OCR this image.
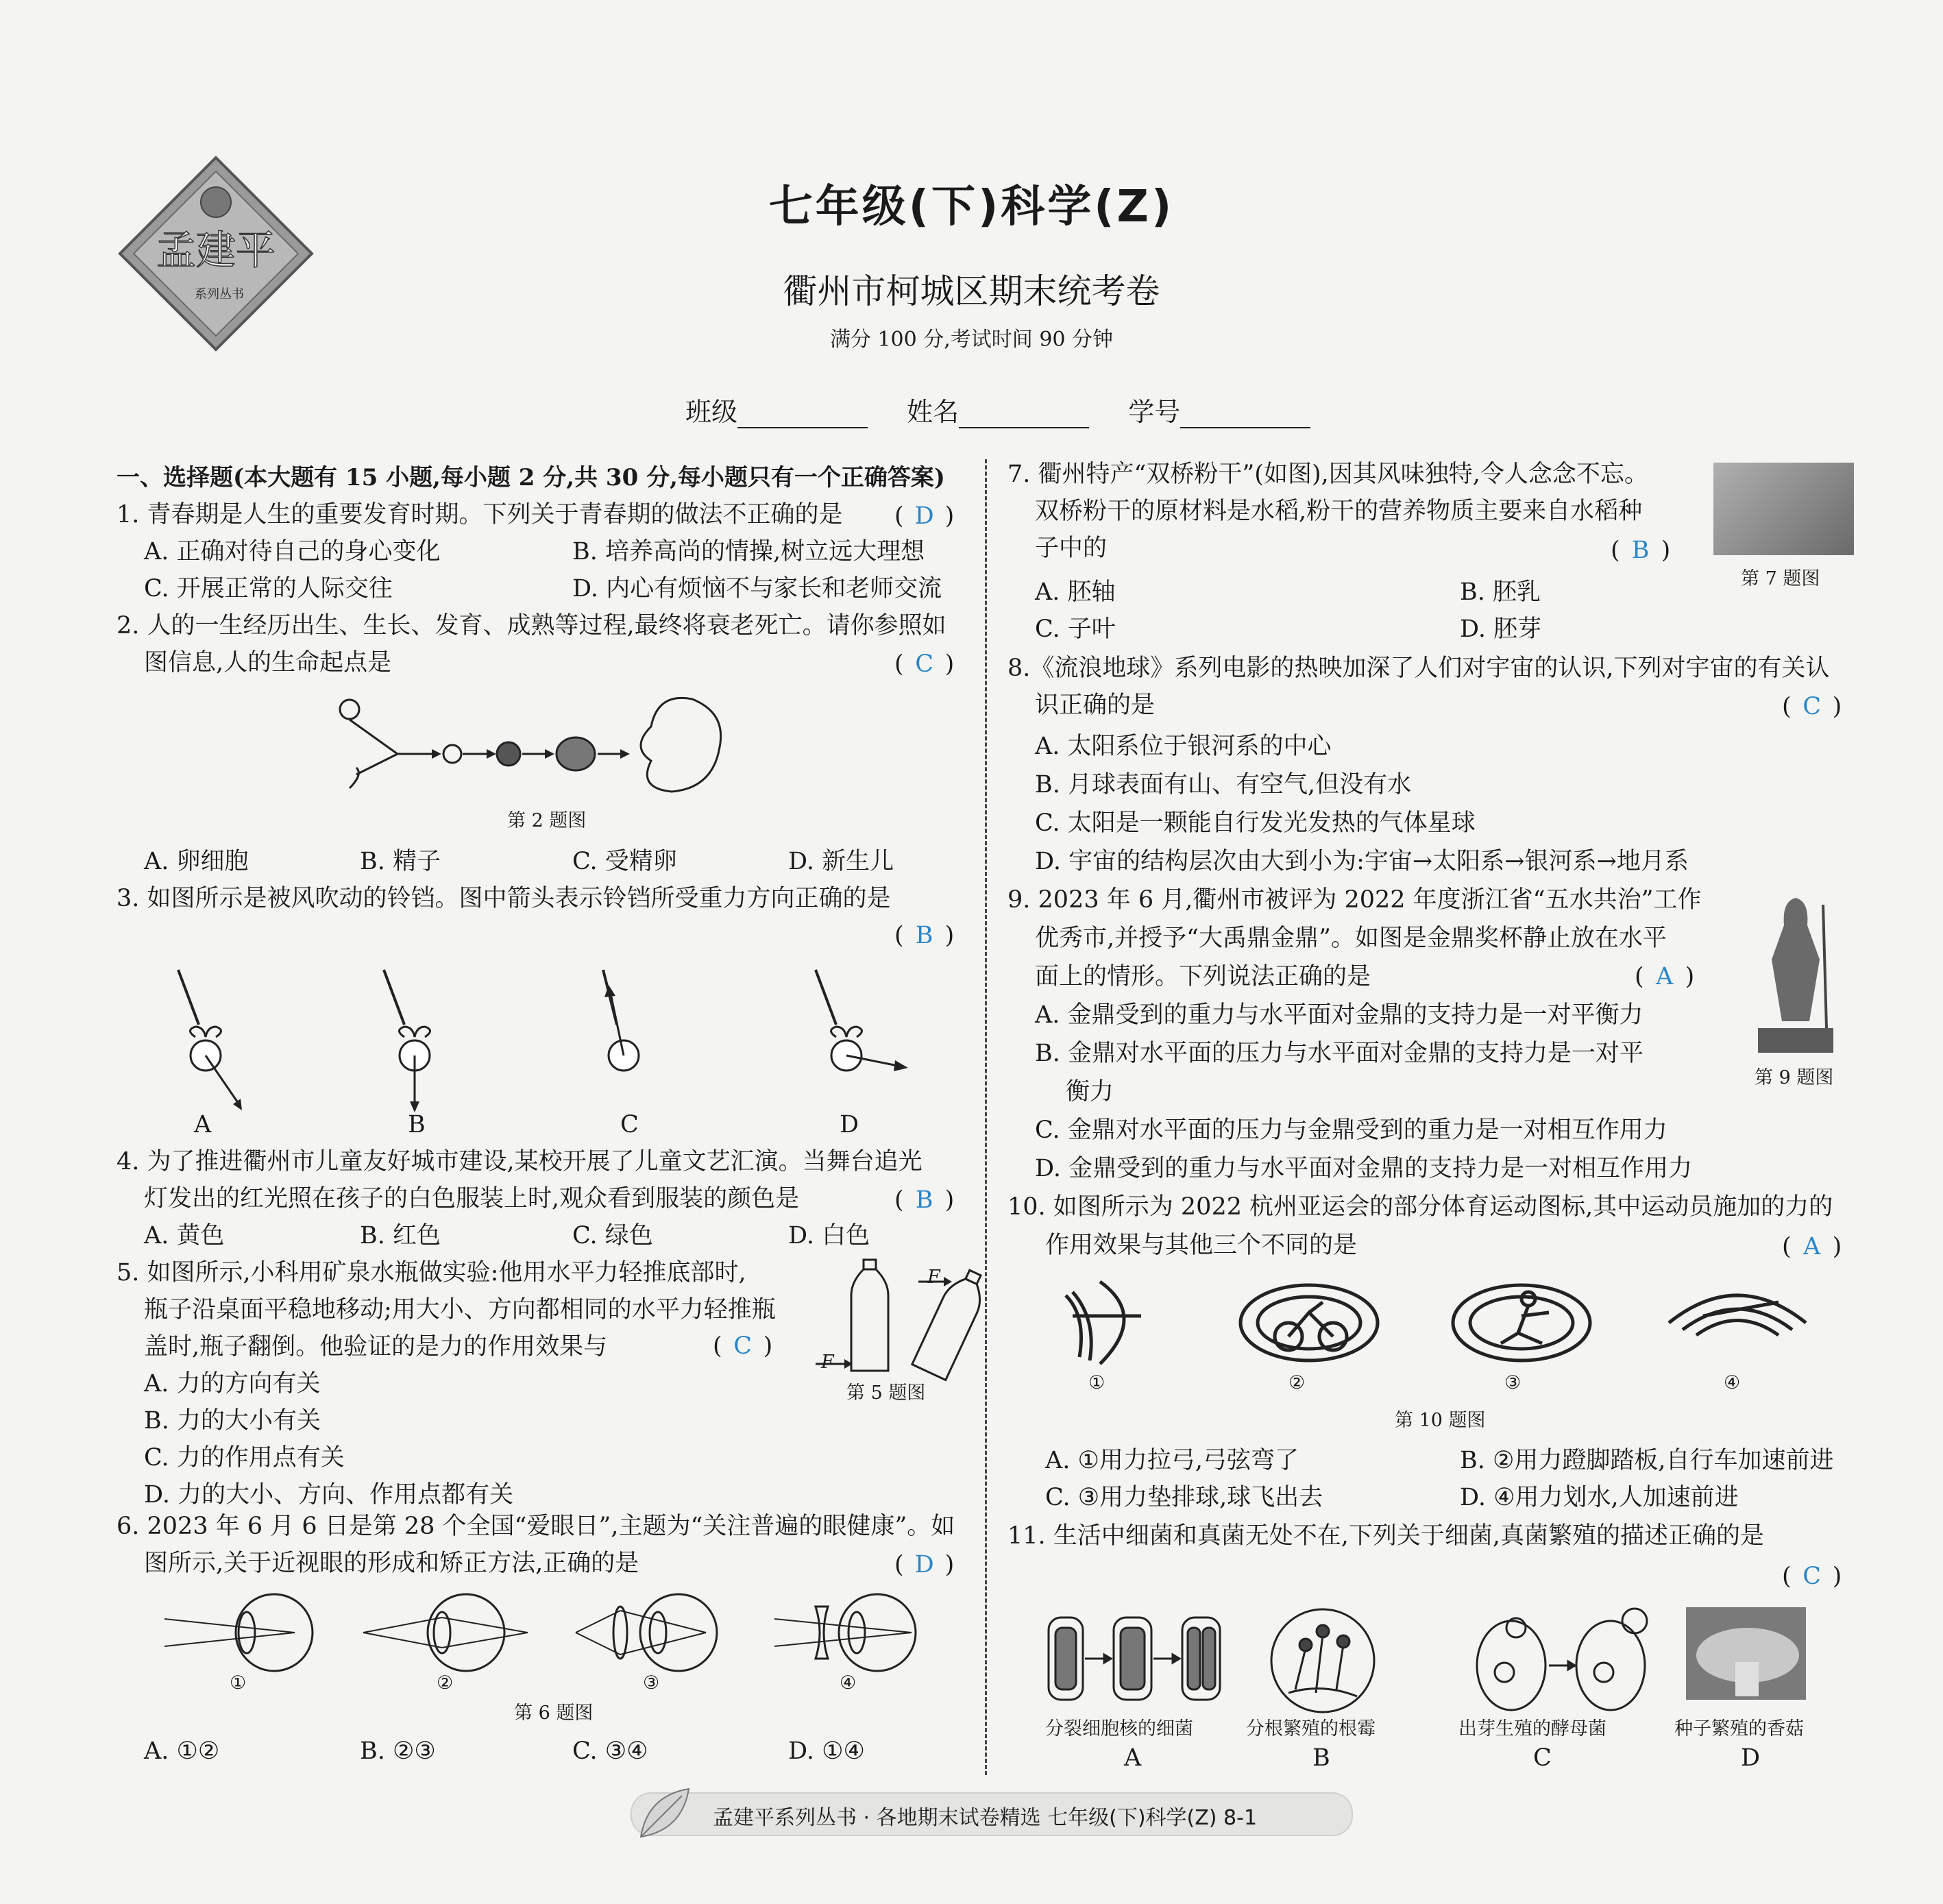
孟建平
系列丛书
七年级(下)科学(Z)
衢州市柯城区期末统考卷
满分 100 分,考试时间 90 分钟
班级	姓名	学号
一、选择题(本大题有 15 小题,每小题 2 分,共 30 分,每小题只有一个正确答案)
1. 青春期是人生的重要发育时期。下列关于青春期的做法不正确的是 ( D )
A. 正确对待自己的身心变化	B. 培养高尚的情操,树立远大理想
C. 开展正常的人际交往	D. 内心有烦恼不与家长和老师交流
2. 人的一生经历出生、生长、发育、成熟等过程,最终将衰老死亡。请你参照如
图信息,人的生命起点是	( C )
第 2 题图
A. 卵细胞	B. 精子	C. 受精卵	D. 新生儿
3. 如图所示是被风吹动的铃铛。图中箭头表示铃铛所受重力方向正确的是
( B )
A	B	C	D
4. 为了推进衢州市儿童友好城市建设,某校开展了儿童文艺汇演。当舞台追光
灯发出的红光照在孩子的白色服装上时,观众看到服装的颜色是	( B )
A. 黄色	B. 红色	C. 绿色	D. 白色
5. 如图所示,小科用矿泉水瓶做实验:他用水平力轻推底部时,
瓶子沿桌面平稳地移动;用大小、方向都相同的水平力轻推瓶
盖时,瓶子翻倒。他验证的是力的作用效果与	( C )
F
F
第 5 题图
A. 力的方向有关
B. 力的大小有关
C. 力的作用点有关
D. 力的大小、方向、作用点都有关
6. 2023 年 6 月 6 日是第 28 个全国“爱眼日”,主题为“关注普遍的眼健康”。如
图所示,关于近视眼的形成和矫正方法,正确的是	( D )
①	②	③	④
第 6 题图
A. ①②	B. ②③	C. ③④	D. ①④
7. 衢州特产“双桥粉干”(如图),因其风味独特,令人念念不忘。
双桥粉干的原材料是水稻,粉干的营养物质主要来自水稻种
子中的	( B )
第 7 题图
A. 胚轴	B. 胚乳
C. 子叶	D. 胚芽
8.《流浪地球》系列电影的热映加深了人们对宇宙的认识,下列对宇宙的有关认
识正确的是	( C )
A. 太阳系位于银河系的中心
B. 月球表面有山、有空气,但没有水
C. 太阳是一颗能自行发光发热的气体星球
D. 宇宙的结构层次由大到小为:宇宙→太阳系→银河系→地月系
9. 2023 年 6 月,衢州市被评为 2022 年度浙江省“五水共治”工作
优秀市,并授予“大禹鼎金鼎”。如图是金鼎奖杯静止放在水平
面上的情形。下列说法正确的是	( A )
第 9 题图
A. 金鼎受到的重力与水平面对金鼎的支持力是一对平衡力
B. 金鼎对水平面的压力与水平面对金鼎的支持力是一对平
衡力
C. 金鼎对水平面的压力与金鼎受到的重力是一对相互作用力
D. 金鼎受到的重力与水平面对金鼎的支持力是一对相互作用力
10. 如图所示为 2022 杭州亚运会的部分体育运动图标,其中运动员施加的力的
作用效果与其他三个不同的是	( A )
①	②	③	④
第 10 题图
A. ①用力拉弓,弓弦弯了	B. ②用力蹬脚踏板,自行车加速前进
C. ③用力垫排球,球飞出去	D. ④用力划水,人加速前进
11. 生活中细菌和真菌无处不在,下列关于细菌,真菌繁殖的描述正确的是
( C )
分裂细胞核的细菌	分根繁殖的根霉	出芽生殖的酵母菌	种子繁殖的香菇
A	B	C	D
孟建平系列丛书 · 各地期末试卷精选 七年级(下)科学(Z) 8-1
